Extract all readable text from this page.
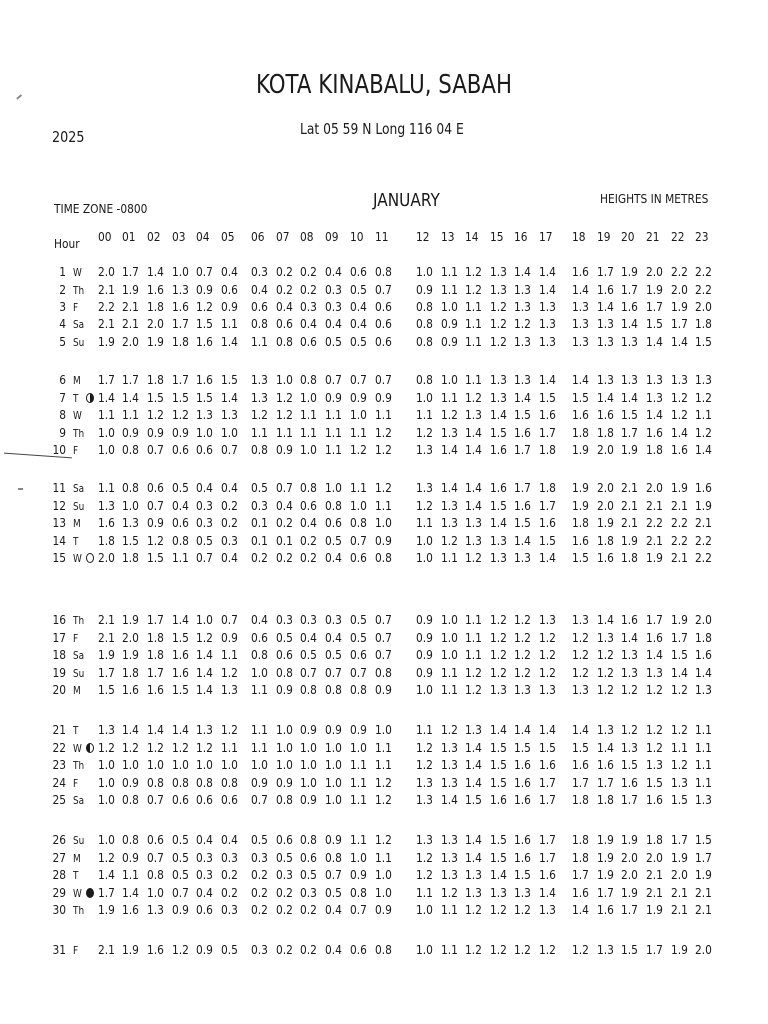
KOTA KINABALU, SABAH
2025	Lat 05 59 N Long 116 04 E
TIME ZONE -0800	JANUARY	HEIGHTS IN METRES
Hour 00 01 02 03 04 05 06 07 08 09 10 11 12 13 14 15 16 17 18 19 20 21 22 23
1 W 2.0 1.7 1.4 1.0 0.7 0.4 0.3 0.2 0.2 0.4 0.6 0.8 1.0 1.1 1.2 1.3 1.4 1.4 1.6 1.7 1.9 2.0 2.2 2.2
2 Th 2.1 1.9 1.6 1.3 0.9 0.6 0.4 0.2 0.2 0.3 0.5 0.7 0.9 1.1 1.2 1.3 1.3 1.4 1.4 1.6 1.7 1.9 2.0 2.2
3 F 2.2 2.1 1.8 1.6 1.2 0.9 0.6 0.4 0.3 0.3 0.4 0.6 0.8 1.0 1.1 1.2 1.3 1.3 1.3 1.4 1.6 1.7 1.9 2.0
4 Sa 2.1 2.1 2.0 1.7 1.5 1.1 0.8 0.6 0.4 0.4 0.4 0.6 0.8 0.9 1.1 1.2 1.2 1.3 1.3 1.3 1.4 1.5 1.7 1.8
5 Su 1.9 2.0 1.9 1.8 1.6 1.4 1.1 0.8 0.6 0.5 0.5 0.6 0.8 0.9 1.1 1.2 1.3 1.3 1.3 1.3 1.3 1.4 1.4 1.5
6 M 1.7 1.7 1.8 1.7 1.6 1.5 1.3 1.0 0.8 0.7 0.7 0.7 0.8 1.0 1.1 1.3 1.3 1.4 1.4 1.3 1.3 1.3 1.3 1.3
7 T 1.4 1.4 1.5 1.5 1.5 1.4 1.3 1.2 1.0 0.9 0.9 0.9 1.0 1.1 1.2 1.3 1.4 1.5 1.5 1.4 1.4 1.3 1.2 1.2
8 W 1.1 1.1 1.2 1.2 1.3 1.3 1.2 1.2 1.1 1.1 1.0 1.1 1.1 1.2 1.3 1.4 1.5 1.6 1.6 1.6 1.5 1.4 1.2 1.1
9 Th 1.0 0.9 0.9 0.9 1.0 1.0 1.1 1.1 1.1 1.1 1.1 1.2 1.2 1.3 1.4 1.5 1.6 1.7 1.8 1.8 1.7 1.6 1.4 1.2
10 F 1.0 0.8 0.7 0.6 0.6 0.7 0.8 0.9 1.0 1.1 1.2 1.2 1.3 1.4 1.4 1.6 1.7 1.8 1.9 2.0 1.9 1.8 1.6 1.4
11 Sa 1.1 0.8 0.6 0.5 0.4 0.4 0.5 0.7 0.8 1.0 1.1 1.2 1.3 1.4 1.4 1.6 1.7 1.8 1.9 2.0 2.1 2.0 1.9 1.6
12 Su 1.3 1.0 0.7 0.4 0.3 0.2 0.3 0.4 0.6 0.8 1.0 1.1 1.2 1.3 1.4 1.5 1.6 1.7 1.9 2.0 2.1 2.1 2.1 1.9
13 M 1.6 1.3 0.9 0.6 0.3 0.2 0.1 0.2 0.4 0.6 0.8 1.0 1.1 1.3 1.3 1.4 1.5 1.6 1.8 1.9 2.1 2.2 2.2 2.1
14 T 1.8 1.5 1.2 0.8 0.5 0.3 0.1 0.1 0.2 0.5 0.7 0.9 1.0 1.2 1.3 1.3 1.4 1.5 1.6 1.8 1.9 2.1 2.2 2.2
15 W 2.0 1.8 1.5 1.1 0.7 0.4 0.2 0.2 0.2 0.4 0.6 0.8 1.0 1.1 1.2 1.3 1.3 1.4 1.5 1.6 1.8 1.9 2.1 2.2
16 Th 2.1 1.9 1.7 1.4 1.0 0.7 0.4 0.3 0.3 0.3 0.5 0.7 0.9 1.0 1.1 1.2 1.2 1.3 1.3 1.4 1.6 1.7 1.9 2.0
17 F 2.1 2.0 1.8 1.5 1.2 0.9 0.6 0.5 0.4 0.4 0.5 0.7 0.9 1.0 1.1 1.2 1.2 1.2 1.2 1.3 1.4 1.6 1.7 1.8
18 Sa 1.9 1.9 1.8 1.6 1.4 1.1 0.8 0.6 0.5 0.5 0.6 0.7 0.9 1.0 1.1 1.2 1.2 1.2 1.2 1.2 1.3 1.4 1.5 1.6
19 Su 1.7 1.8 1.7 1.6 1.4 1.2 1.0 0.8 0.7 0.7 0.7 0.8 0.9 1.1 1.2 1.2 1.2 1.2 1.2 1.2 1.3 1.3 1.4 1.4
20 M 1.5 1.6 1.6 1.5 1.4 1.3 1.1 0.9 0.8 0.8 0.8 0.9 1.0 1.1 1.2 1.3 1.3 1.3 1.3 1.2 1.2 1.2 1.2 1.3
21 T 1.3 1.4 1.4 1.4 1.3 1.2 1.1 1.0 0.9 0.9 0.9 1.0 1.1 1.2 1.3 1.4 1.4 1.4 1.4 1.3 1.2 1.2 1.2 1.1
22 W 1.2 1.2 1.2 1.2 1.2 1.1 1.1 1.0 1.0 1.0 1.0 1.1 1.2 1.3 1.4 1.5 1.5 1.5 1.5 1.4 1.3 1.2 1.1 1.1
23 Th 1.0 1.0 1.0 1.0 1.0 1.0 1.0 1.0 1.0 1.0 1.1 1.1 1.2 1.3 1.4 1.5 1.6 1.6 1.6 1.6 1.5 1.3 1.2 1.1
24 F 1.0 0.9 0.8 0.8 0.8 0.8 0.9 0.9 1.0 1.0 1.1 1.2 1.3 1.3 1.4 1.5 1.6 1.7 1.7 1.7 1.6 1.5 1.3 1.1
25 Sa 1.0 0.8 0.7 0.6 0.6 0.6 0.7 0.8 0.9 1.0 1.1 1.2 1.3 1.4 1.5 1.6 1.6 1.7 1.8 1.8 1.7 1.6 1.5 1.3
26 Su 1.0 0.8 0.6 0.5 0.4 0.4 0.5 0.6 0.8 0.9 1.1 1.2 1.3 1.3 1.4 1.5 1.6 1.7 1.8 1.9 1.9 1.8 1.7 1.5
27 M 1.2 0.9 0.7 0.5 0.3 0.3 0.3 0.5 0.6 0.8 1.0 1.1 1.2 1.3 1.4 1.5 1.6 1.7 1.8 1.9 2.0 2.0 1.9 1.7
28 T 1.4 1.1 0.8 0.5 0.3 0.2 0.2 0.3 0.5 0.7 0.9 1.0 1.2 1.3 1.3 1.4 1.5 1.6 1.7 1.9 2.0 2.1 2.0 1.9
29 W 1.7 1.4 1.0 0.7 0.4 0.2 0.2 0.2 0.3 0.5 0.8 1.0 1.1 1.2 1.3 1.3 1.3 1.4 1.6 1.7 1.9 2.1 2.1 2.1
30 Th 1.9 1.6 1.3 0.9 0.6 0.3 0.2 0.2 0.2 0.4 0.7 0.9 1.0 1.1 1.2 1.2 1.2 1.3 1.4 1.6 1.7 1.9 2.1 2.1
31 F 2.1 1.9 1.6 1.2 0.9 0.5 0.3 0.2 0.2 0.4 0.6 0.8 1.0 1.1 1.2 1.2 1.2 1.2 1.2 1.3 1.5 1.7 1.9 2.0
